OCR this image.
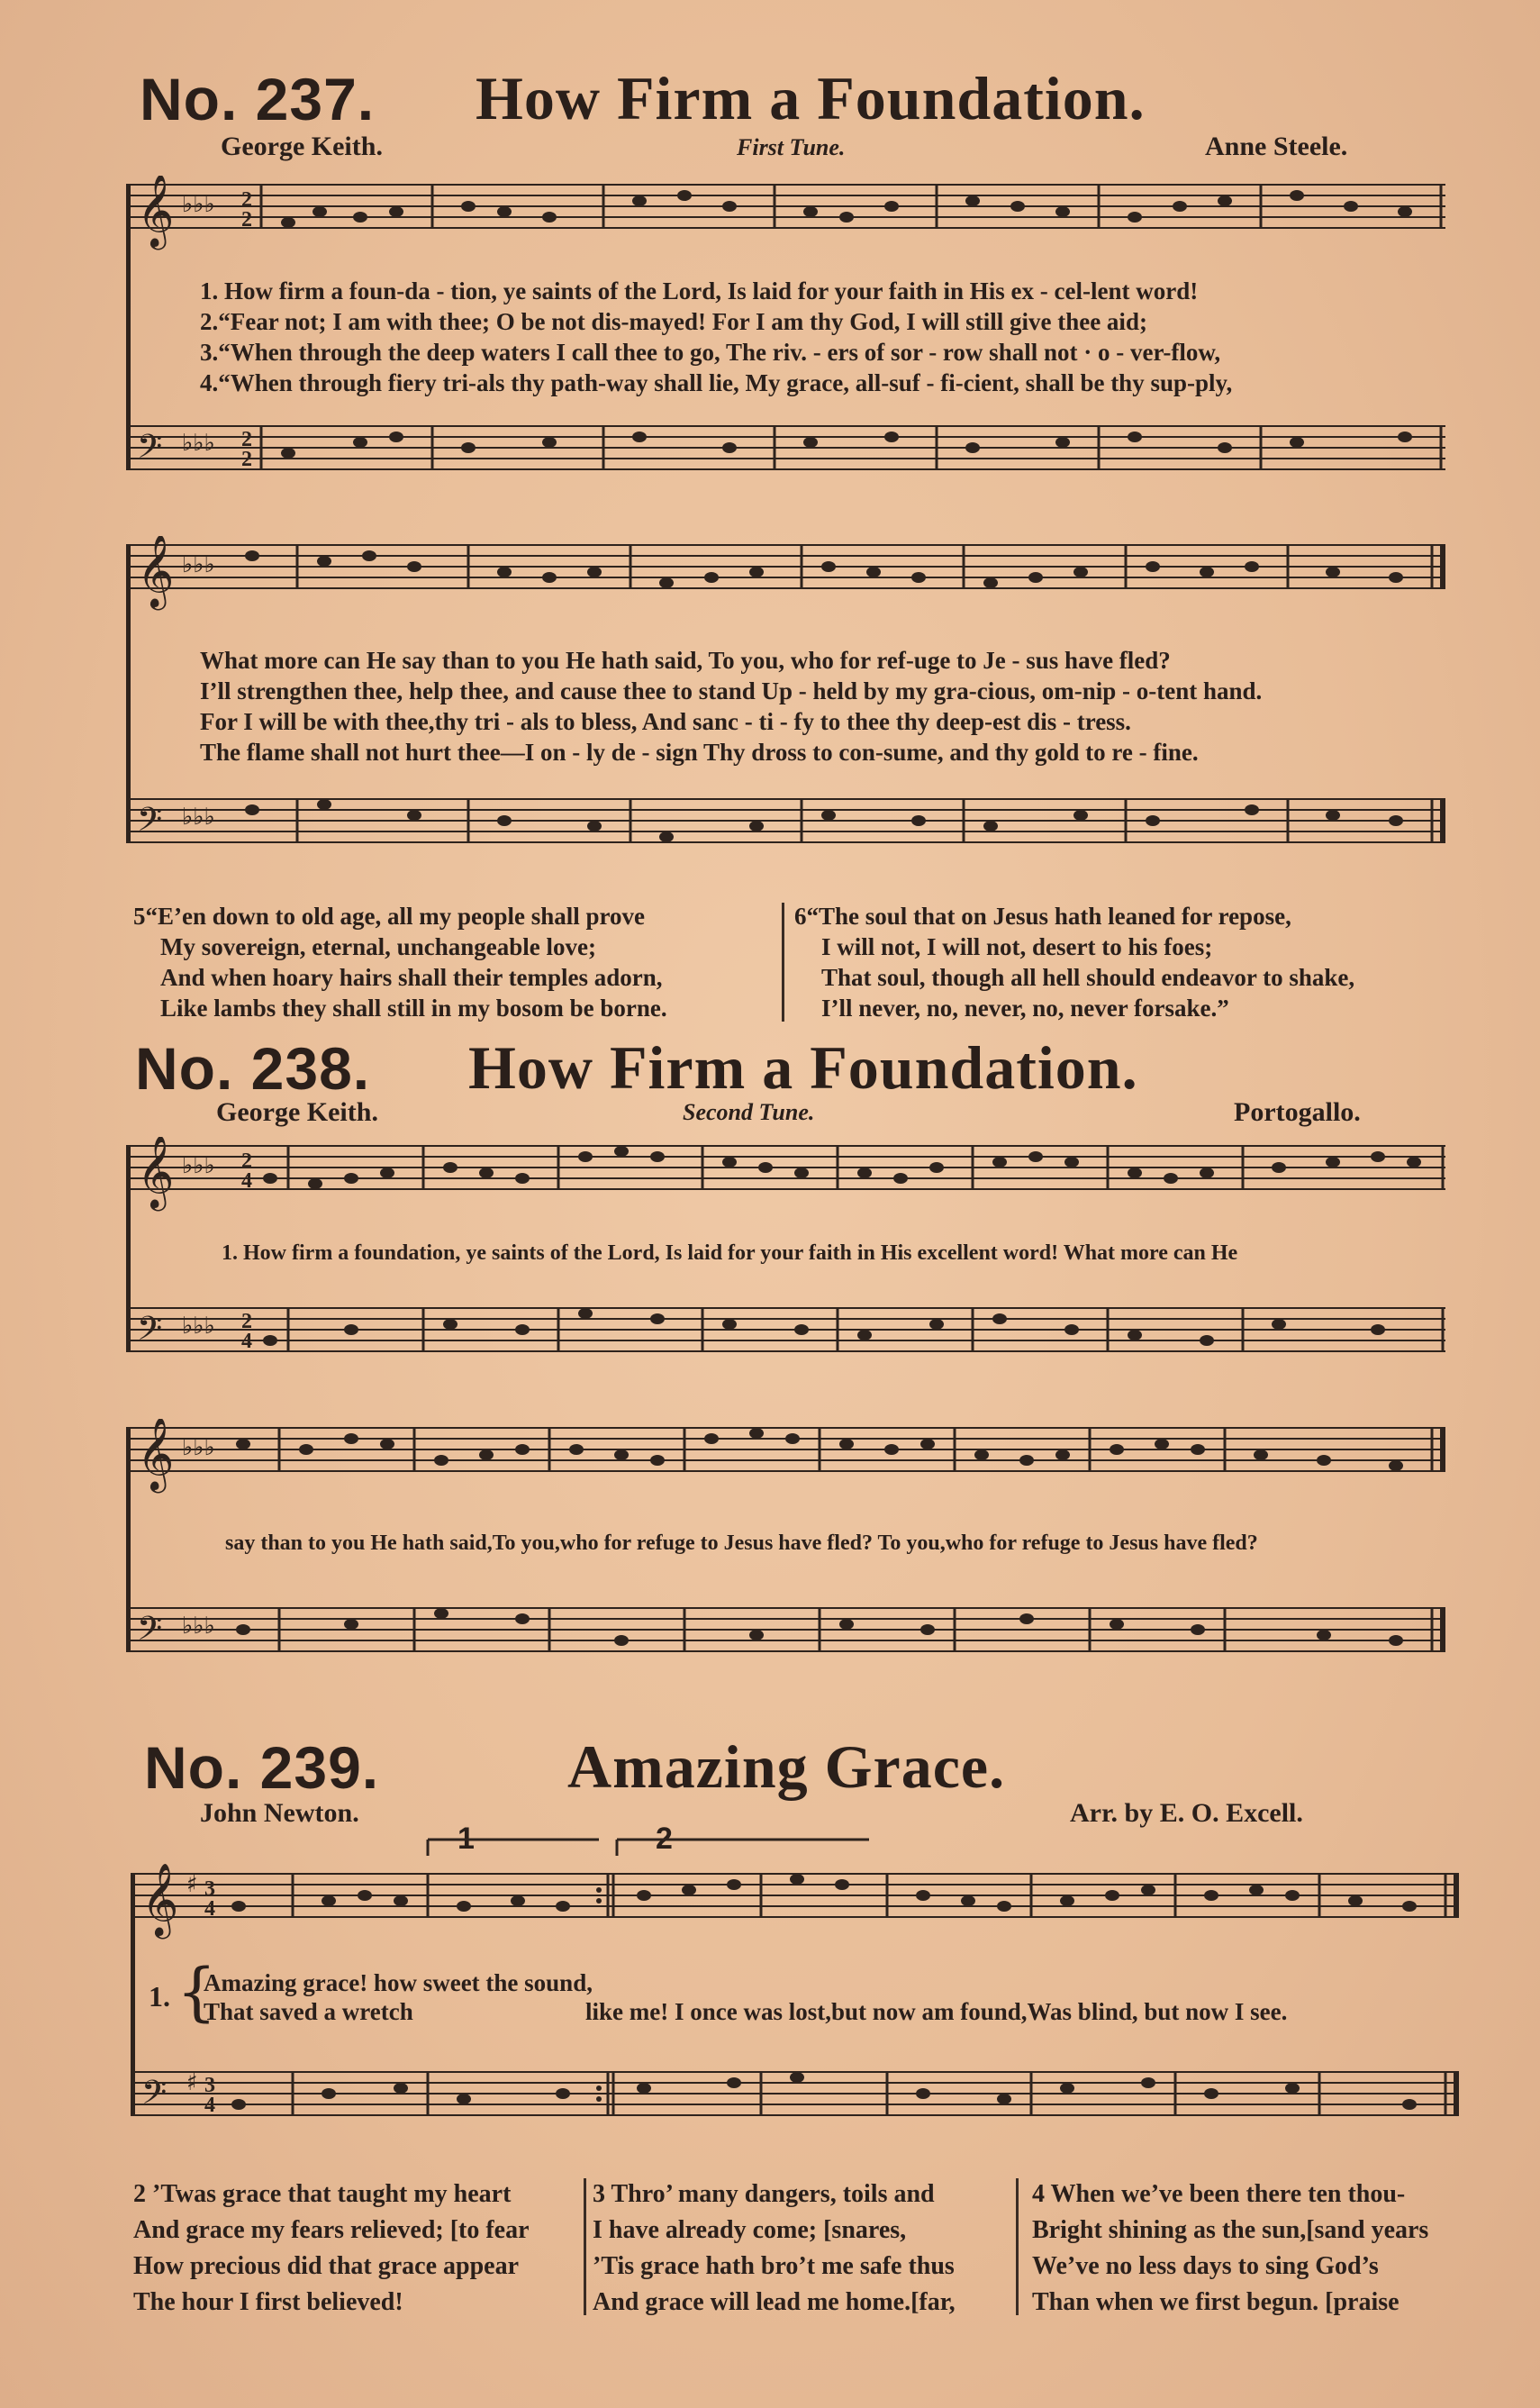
No. 237. How Firm a Foundation.
George Keith.	First Tune.	Anne Steele.
𝄞
𝄢
♭♭♭
♭♭♭
2
2
2
2
1. How firm a foun-da - tion, ye saints of the Lord, Is laid for your faith in His ex - cel-lent word!
2.“Fear not; I am with thee; O be not dis-mayed! For I am thy God, I will still give thee aid;
3.“When through the deep waters I call thee to go, The riv. - ers of sor - row shall not · o - ver-flow,
4.“When through fiery tri-als thy path-way shall lie, My grace, all-suf - fi-cient, shall be thy sup-ply,
𝄞
𝄢
♭♭♭
♭♭♭
What more can He say than to you He hath said, To you, who for ref-uge to Je - sus have fled?
I’ll strengthen thee, help thee, and cause thee to stand Up - held by my gra-cious, om-nip - o-tent hand.
For I will be with thee,thy tri - als to bless, And sanc - ti - fy to thee thy deep-est dis - tress.
The flame shall not hurt thee—I on - ly de - sign Thy dross to con-sume, and thy gold to re - fine.
5“E’en down to old age, all my people shall prove
My sovereign, eternal, unchangeable love;
And when hoary hairs shall their temples adorn,
Like lambs they shall still in my bosom be borne.
6“The soul that on Jesus hath leaned for repose,
I will not, I will not, desert to his foes;
That soul, though all hell should endeavor to shake,
I’ll never, no, never, no, never forsake.”
No. 238. How Firm a Foundation.
George Keith.	Second Tune.	Portogallo.
𝄞
𝄢
♭♭♭
♭♭♭
2
4
2
4
1. How firm a foundation, ye saints of the Lord, Is laid for your faith in His excellent word! What more can He
𝄞
𝄢
♭♭♭
♭♭♭
say than to you He hath said,To you,who for refuge to Jesus have fled? To you,who for refuge to Jesus have fled?
No. 239.	Amazing Grace.
John Newton.	Arr. by E. O. Excell.
1	2
𝄞
𝄢
♯
♯
3
4
3
4
1. {
Amazing grace! how sweet the sound,
That saved a wretch	like me! I once was lost,but now am found,Was blind, but now I see.
2 ’Twas grace that taught my heart
And grace my fears relieved; [to fear
How precious did that grace appear
The hour I first believed!
3 Thro’ many dangers, toils and
I have already come; [snares,
’Tis grace hath bro’t me safe thus
And grace will lead me home.[far,
4 When we’ve been there ten thou-
Bright shining as the sun,[sand years
We’ve no less days to sing God’s
Than when we first begun. [praise
